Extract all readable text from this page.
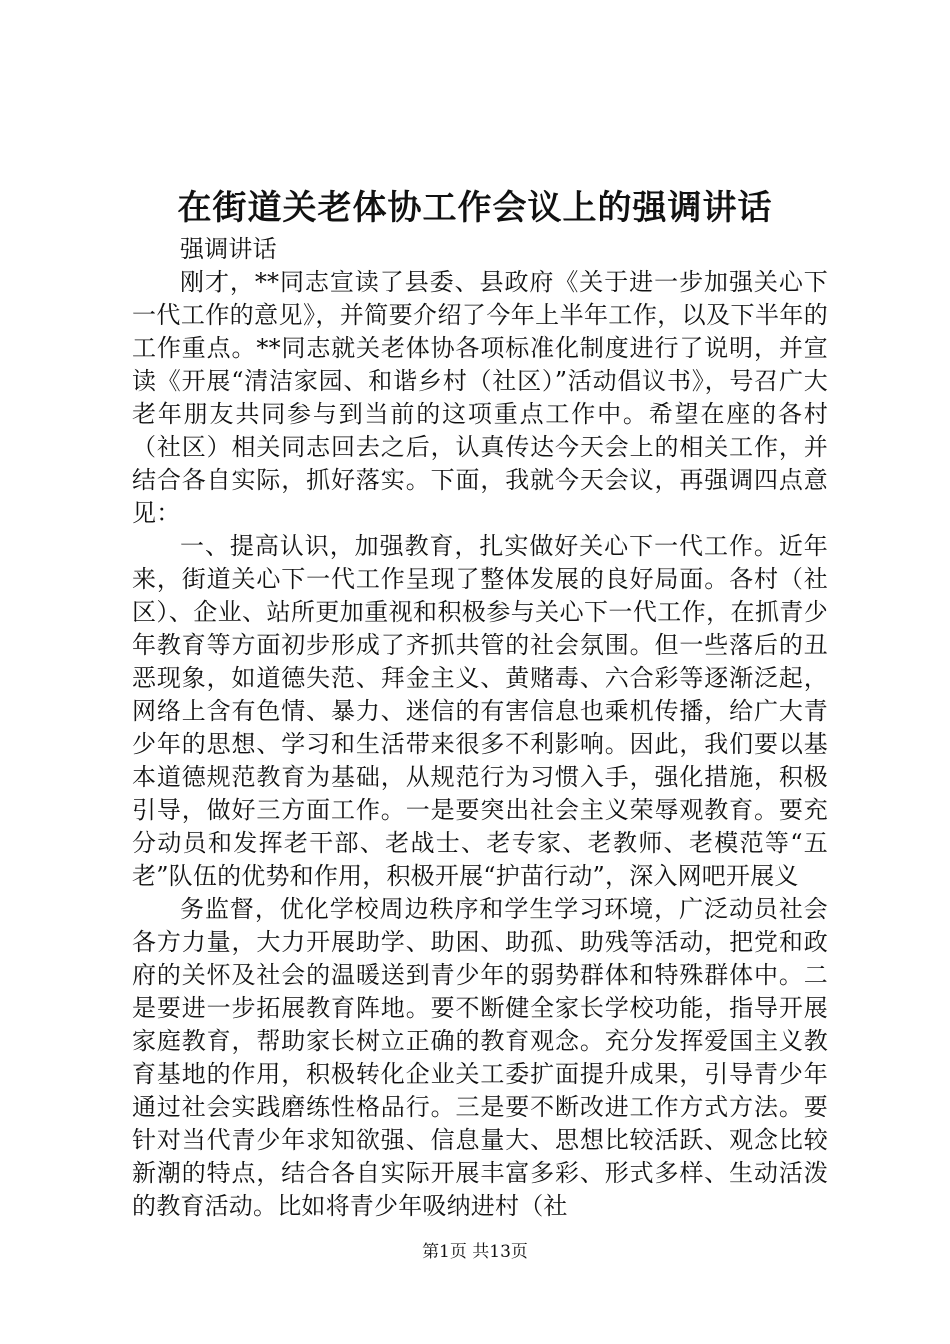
在街道关老体协工作会议上的强调讲话

强调讲话

刚才，**同志宣读了县委、县政府《关于进一步加强关心下一代工作的意见》，并简要介绍了今年上半年工作，以及下半年的工作重点。**同志就关老体协各项标准化制度进行了说明，并宣读《开展“清洁家园、和谐乡村（社区）”活动倡议书》，号召广大老年朋友共同参与到当前的这项重点工作中。希望在座的各村（社区）相关同志回去之后，认真传达今天会上的相关工作，并结合各自实际，抓好落实。下面，我就今天会议，再强调四点意见：

一、提高认识，加强教育，扎实做好关心下一代工作。近年来，街道关心下一代工作呈现了整体发展的良好局面。各村（社区）、企业、站所更加重视和积极参与关心下一代工作，在抓青少年教育等方面初步形成了齐抓共管的社会氛围。但一些落后的丑恶现象，如道德失范、拜金主义、黄赌毒、六合彩等逐渐泛起，网络上含有色情、暴力、迷信的有害信息也乘机传播，给广大青少年的思想、学习和生活带来很多不利影响。因此，我们要以基本道德规范教育为基础，从规范行为习惯入手，强化措施，积极引导，做好三方面工作。一是要突出社会主义荣辱观教育。要充分动员和发挥老干部、老战士、老专家、老教师、老模范等“五老”队伍的优势和作用，积极开展“护苗行动”，深入网吧开展义

务监督，优化学校周边秩序和学生学习环境，广泛动员社会各方力量，大力开展助学、助困、助孤、助残等活动，把党和政府的关怀及社会的温暖送到青少年的弱势群体和特殊群体中。二是要进一步拓展教育阵地。要不断健全家长学校功能，指导开展家庭教育，帮助家长树立正确的教育观念。充分发挥爱国主义教育基地的作用，积极转化企业关工委扩面提升成果，引导青少年通过社会实践磨练性格品行。三是要不断改进工作方式方法。要针对当代青少年求知欲强、信息量大、思想比较活跃、观念比较新潮的特点，结合各自实际开展丰富多彩、形式多样、生动活泼的教育活动。比如将青少年吸纳进村（社

第1页 共13页
